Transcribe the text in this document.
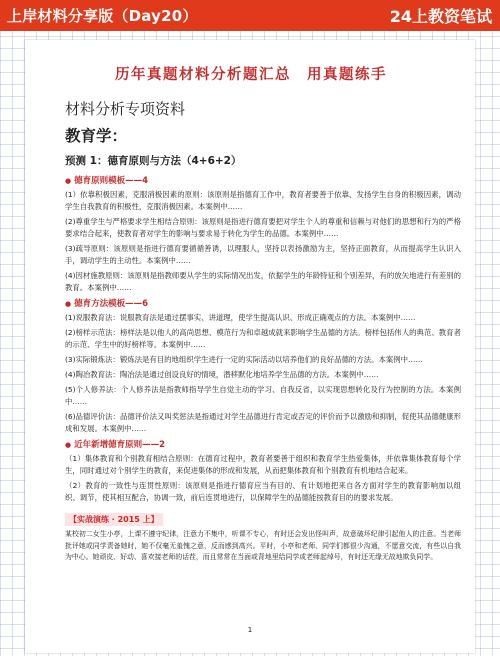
上岸材料分享版（Day20）	24上教资笔试
历年真题材料分析题汇总　用真题练手
材料分析专项资料
教育学：
预测 1：德育原则与方法（4+6+2）
● 德育原则模板——4
(1）依靠积极因素，克服消极因素的原则：该原则是指德育工作中，教育者要善于依靠、发扬学生自身的积极因素，调动学生自我教育的积极性，克服消极因素。本案例中……
(2)尊重学生与严格要求学生相结合原则：该原则是指进行德育要把对学生个人的尊重和信赖与对他们的思想和行为的严格要求结合起来，使教育者对学生的影响与要求易于转化为学生的品德。本案例中……
(3)疏导原则：该原则是指进行德育要循循善诱，以理服人，坚持以表扬激励为主，坚持正面教育，从而提高学生认识入手，调动学生的主动性。本案例中……
(4)因材施教原则：该原则是指教师要从学生的实际情况出发，依据学生的年龄特征和个别差异，有的放矢地进行有差别的教育。本案例中……
● 德育方法模板——6
(1)说服教育法：说服教育法是通过摆事实、讲道理，使学生提高认识、形成正确观点的方法。本案例中……
(2)榜样示范法：榜样法是以他人的高尚思想、模范行为和卓越成就来影响学生品德的方法。榜样包括伟人的典范、教育者的示范、学生中的好榜样等。本案例中……
(3)实际锻炼法：锻炼法是有目的地组织学生进行一定的实际活动以培养他们的良好品德的方法。本案例中……
(4)陶冶教育法：陶冶法是通过创设良好的情境，潜移默化地培养学生品德的方法。本案例中……
(5)个人修养法：个人修养法是指教师指导学生自觉主动的学习、自我反省，以实现思想转化及行为控制的方法。本案例中……
(6)品德评价法：品德评价法又叫奖惩法是指通过对学生品德进行肯定或否定的评价而予以激励和抑制，促使其品德健康形成和发展。本案例中……
● 近年新增德育原则——2
（1）集体教育和个别教育相结合原则：在德育过程中，教育者要善于组织和教育学生热爱集体，并依靠集体教育每个学生，同时通过对个别学生的教育，来促进集体的形成和发展，从而把集体教育和个别教育有机地结合起来。
（2）教育的一致性与连贯性原则：该原则是指进行德育应当有目的、有计划地把来自各方面对学生的教育影响加以组织、调节，使其相互配合，协调一致，前后连贯地进行，以保障学生的品德能按教育目的的要求发展。
【实战演练 · 2015 上】
某校初二女生小亭，上课不遵守纪律，注意力不集中，听课不专心，有时还会发出怪叫声，故意破坏纪律引起他人的注意。当老师批评她或同学责备她时，她不仅毫无羞愧之意，反而感到高兴。平时，小亭和老师、同学们都很少沟通，不愿意交流，有些以自我为中心。她顽皮、好动、喜欢接老师的话茬，而且常常在当面或背地里给同学或老师起绰号，有时还无缘无故地欺负同学。
1
